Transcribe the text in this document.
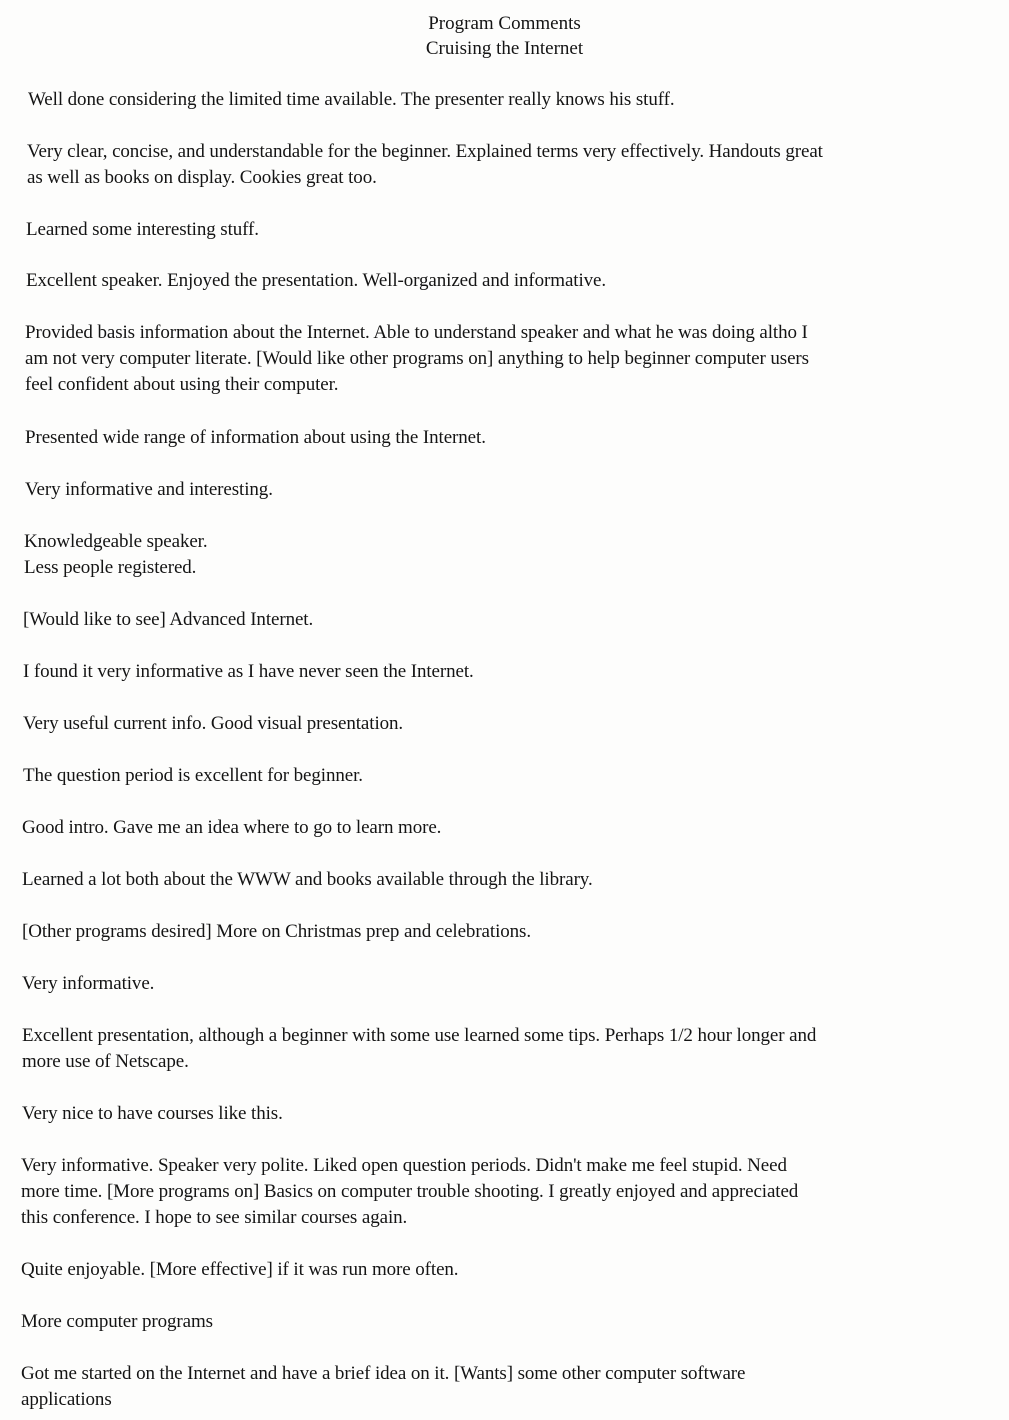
Program Comments
Cruising the Internet

Well done considering the limited time available. The presenter really knows his stuff.

Very clear, concise, and understandable for the beginner. Explained terms very effectively. Handouts great
as well as books on display. Cookies great too.

Learned some interesting stuff.

Excellent speaker. Enjoyed the presentation. Well-organized and informative.

Provided basis information about the Internet. Able to understand speaker and what he was doing altho I
am not very computer literate. [Would like other programs on] anything to help beginner computer users
feel confident about using their computer.

Presented wide range of information about using the Internet.

Very informative and interesting.

Knowledgeable speaker.
Less people registered.

[Would like to see] Advanced Internet.

I found it very informative as I have never seen the Internet.

Very useful current info. Good visual presentation.

The question period is excellent for beginner.

Good intro. Gave me an idea where to go to learn more.

Learned a lot both about the WWW and books available through the library.

[Other programs desired] More on Christmas prep and celebrations.

Very informative.

Excellent presentation, although a beginner with some use learned some tips. Perhaps 1/2 hour longer and
more use of Netscape.

Very nice to have courses like this.

Very informative. Speaker very polite. Liked open question periods. Didn't make me feel stupid. Need
more time. [More programs on] Basics on computer trouble shooting. I greatly enjoyed and appreciated
this conference. I hope to see similar courses again.

Quite enjoyable. [More effective] if it was run more often.

More computer programs

Got me started on the Internet and have a brief idea on it. [Wants] some other computer software
applications
